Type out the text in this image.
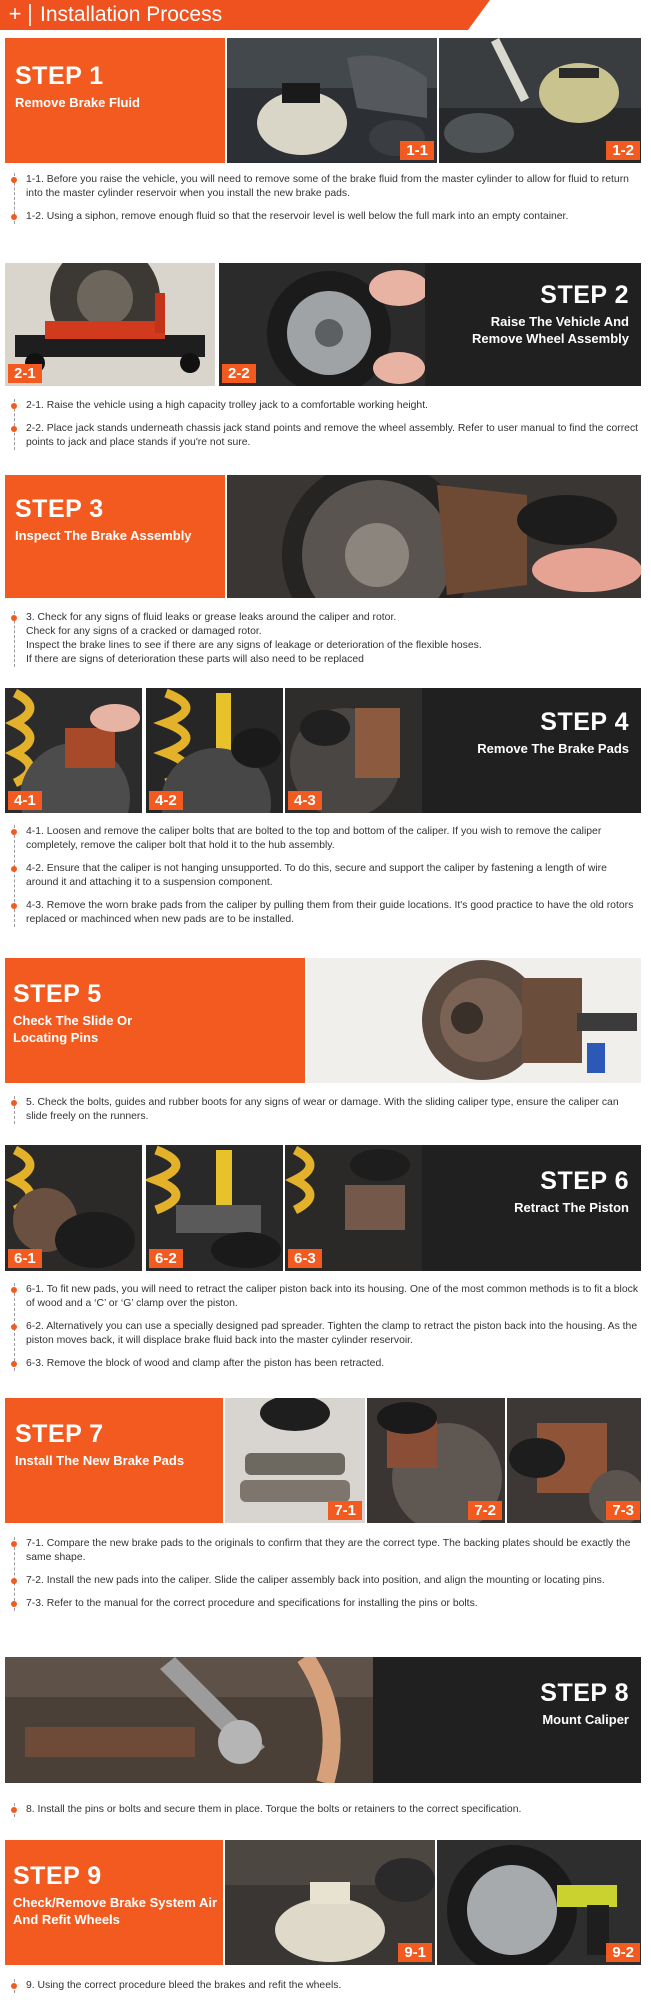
+ Installation Process
STEP 1
Remove Brake Fluid
1-1	1-2

1-1. Before you raise the vehicle, you will need to remove some of the brake fluid from the master cylinder to allow for fluid to return into the master cylinder reservoir when you install the new brake pads.

1-2. Using a siphon, remove enough fluid so that the reservoir level is well below the full mark into an empty container.

2-1	2-2
STEP 2
Raise The Vehicle And Remove Wheel Assembly

2-1. Raise the vehicle using a high capacity trolley jack to a comfortable working height.

2-2. Place jack stands underneath chassis jack stand points and remove the wheel assembly. Refer to user manual to find the correct points to jack and place stands if you're not sure.

STEP 3
Inspect The Brake Assembly

3. Check for any signs of fluid leaks or grease leaks around the caliper and rotor.

Check for any signs of a cracked or damaged rotor.

Inspect the brake lines to see if there are any signs of leakage or deterioration of the flexible hoses.

If there are signs of deterioration these parts will also need to be replaced

4-1	4-2	4-3
STEP 4
Remove The Brake Pads

4-1. Loosen and remove the caliper bolts that are bolted to the top and bottom of the caliper. If you wish to remove the caliper completely, remove the caliper bolt that hold it to the hub assembly.

4-2. Ensure that the caliper is not hanging unsupported. To do this, secure and support the caliper by fastening a length of wire around it and attaching it to a suspension component.

4-3. Remove the worn brake pads from the caliper by pulling them from their guide locations. It's good practice to have the old rotors replaced or machinced when new pads are to be installed.

STEP 5
Check The Slide Or Locating Pins

5. Check the bolts, guides and rubber boots for any signs of wear or damage. With the sliding caliper type, ensure the caliper can slide freely on the runners.

6-1	6-2	6-3
STEP 6
Retract The Piston

6-1. To fit new pads, you will need to retract the caliper piston back into its housing. One of the most common methods is to fit a block of wood and a ‘C’ or ‘G’ clamp over the piston.

6-2. Alternatively you can use a specially designed pad spreader. Tighten the clamp to retract the piston back into the housing. As the piston moves back, it will displace brake fluid back into the master cylinder reservoir.

6-3. Remove the block of wood and clamp after the piston has been retracted.

STEP 7
Install The New Brake Pads
7-1	7-2	7-3

7-1. Compare the new brake pads to the originals to confirm that they are the correct type. The backing plates should be exactly the same shape.

7-2. Install the new pads into the caliper. Slide the caliper assembly back into position, and align the mounting or locating pins.

7-3. Refer to the manual for the correct procedure and specifications for installing the pins or bolts.

STEP 8
Mount Caliper

8. Install the pins or bolts and secure them in place. Torque the bolts or retainers to the correct specification.

STEP 9
Check/Remove Brake System Air And Refit Wheels
9-1	9-2

9. Using the correct procedure bleed the brakes and refit the wheels.
